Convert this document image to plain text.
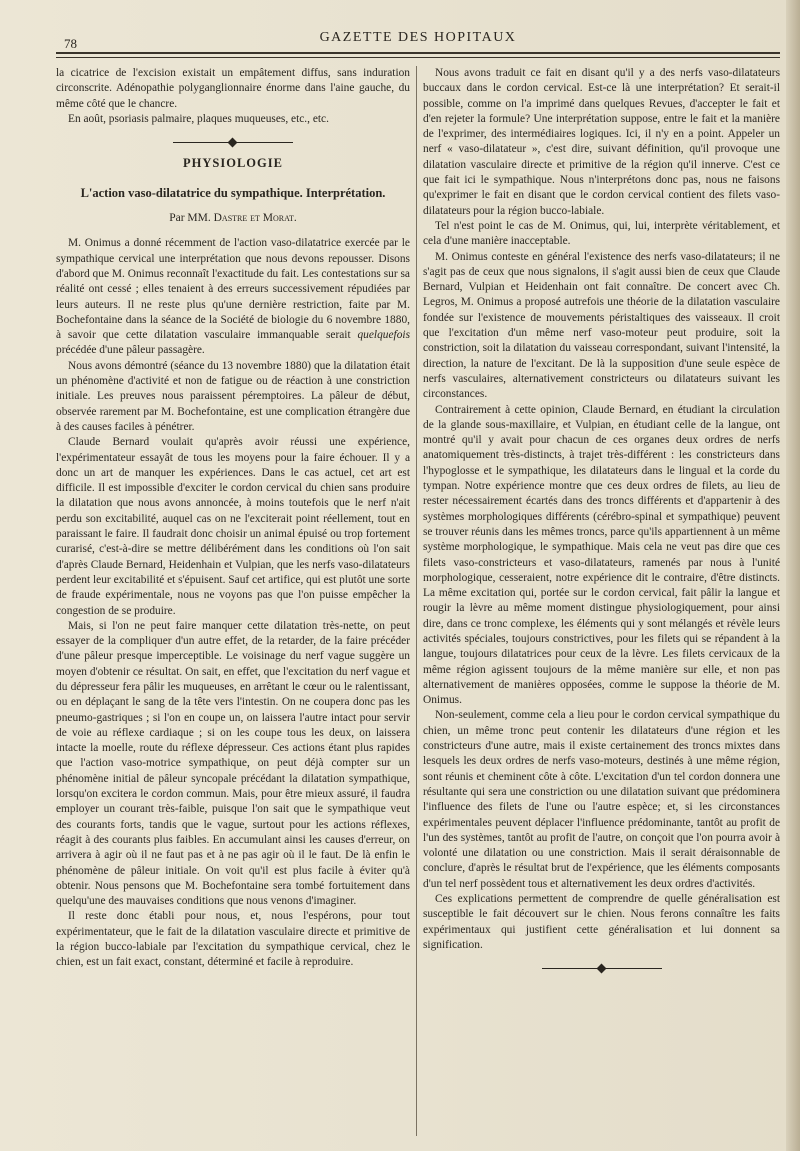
78	GAZETTE DES HOPITAUX

la cicatrice de l'excision existait un empâtement diffus, sans induration circonscrite. Adénopathie polyganglionnaire énorme dans l'aine gauche, du même côté que le chancre.

En août, psoriasis palmaire, plaques muqueuses, etc., etc.

PHYSIOLOGIE
L'action vaso-dilatatrice du sympathique. Interprétation.
Par MM. Dastre et Morat.

M. Onimus a donné récemment de l'action vaso-dilatatrice exercée par le sympathique cervical une interprétation que nous devons repousser. Disons d'abord que M. Onimus reconnaît l'exactitude du fait. Les contestations sur sa réalité ont cessé ; elles tenaient à des erreurs successivement répudiées par leurs auteurs. Il ne reste plus qu'une dernière restriction, faite par M. Bochefontaine dans la séance de la Société de biologie du 6 novembre 1880, à savoir que cette dilatation vasculaire immanquable serait quelquefois précédée d'une pâleur passagère.

Nous avons démontré (séance du 13 novembre 1880) que la dilatation était un phénomène d'activité et non de fatigue ou de réaction à une constriction initiale. Les preuves nous paraissent péremptoires. La pâleur de début, observée rarement par M. Bochefontaine, est une complication étrangère due à des causes faciles à pénétrer.

Claude Bernard voulait qu'après avoir réussi une expérience, l'expérimentateur essayât de tous les moyens pour la faire échouer. Il y a donc un art de manquer les expériences. Dans le cas actuel, cet art est difficile. Il est impossible d'exciter le cordon cervical du chien sans produire la dilatation que nous avons annoncée, à moins toutefois que le nerf n'ait perdu son excitabilité, auquel cas on ne l'exciterait point réellement, tout en paraissant le faire. Il faudrait donc choisir un animal épuisé ou trop fortement curarisé, c'est-à-dire se mettre délibérément dans les conditions où l'on sait d'après Claude Bernard, Heidenhain et Vulpian, que les nerfs vaso-dilatateurs perdent leur excitabilité et s'épuisent. Sauf cet artifice, qui est plutôt une sorte de fraude expérimentale, nous ne voyons pas que l'on puisse empêcher la congestion de se produire.

Mais, si l'on ne peut faire manquer cette dilatation très-nette, on peut essayer de la compliquer d'un autre effet, de la retarder, de la faire précéder d'une pâleur presque imperceptible. Le voisinage du nerf vague suggère un moyen d'obtenir ce résultat. On sait, en effet, que l'excitation du nerf vague et du dépresseur fera pâlir les muqueuses, en arrêtant le cœur ou le ralentissant, ou en déplaçant le sang de la tête vers l'intestin. On ne coupera donc pas les pneumo-gastriques ; si l'on en coupe un, on laissera l'autre intact pour servir de voie au réflexe cardiaque ; si on les coupe tous les deux, on laissera intacte la moelle, route du réflexe dépresseur. Ces actions étant plus rapides que l'action vaso-motrice sympathique, on peut déjà compter sur un phénomène initial de pâleur syncopale précédant la dilatation sympathique, lorsqu'on excitera le cordon commun. Mais, pour être mieux assuré, il faudra employer un courant très-faible, puisque l'on sait que le sympathique veut des courants forts, tandis que le vague, surtout pour les actions réflexes, réagit à des courants plus faibles. En accumulant ainsi les causes d'erreur, on arrivera à agir où il ne faut pas et à ne pas agir où il le faut. De là enfin le phénomène de pâleur initiale. On voit qu'il est plus facile à éviter qu'à obtenir. Nous pensons que M. Bochefontaine sera tombé fortuitement dans quelqu'une des mauvaises conditions que nous venons d'imaginer.

Il reste donc établi pour nous, et, nous l'espérons, pour tout expérimentateur, que le fait de la dilatation vasculaire directe et primitive de la région bucco-labiale par l'excitation du sympathique cervical, chez le chien, est un fait exact, constant, déterminé et facile à reproduire.

Nous avons traduit ce fait en disant qu'il y a des nerfs vaso-dilatateurs buccaux dans le cordon cervical. Est-ce là une interprétation? Et serait-il possible, comme on l'a imprimé dans quelques Revues, d'accepter le fait et d'en rejeter la formule? Une interprétation suppose, entre le fait et la manière de l'exprimer, des intermédiaires logiques. Ici, il n'y en a point. Appeler un nerf « vaso-dilatateur », c'est dire, suivant définition, qu'il provoque une dilatation vasculaire directe et primitive de la région qu'il innerve. C'est ce que fait ici le sympathique. Nous n'interprétons donc pas, nous ne faisons qu'exprimer le fait en disant que le cordon cervical contient des filets vaso-dilatateurs pour la région bucco-labiale.

Tel n'est point le cas de M. Onimus, qui, lui, interprète véritablement, et cela d'une manière inacceptable.

M. Onimus conteste en général l'existence des nerfs vaso-dilatateurs; il ne s'agit pas de ceux que nous signalons, il s'agit aussi bien de ceux que Claude Bernard, Vulpian et Heidenhain ont fait connaître. De concert avec Ch. Legros, M. Onimus a proposé autrefois une théorie de la dilatation vasculaire fondée sur l'existence de mouvements péristaltiques des vaisseaux. Il croit que l'excitation d'un même nerf vaso-moteur peut produire, soit la constriction, soit la dilatation du vaisseau correspondant, suivant l'intensité, la direction, la nature de l'excitant. De là la supposition d'une seule espèce de nerfs vasculaires, alternativement constricteurs ou dilatateurs suivant les circonstances.

Contrairement à cette opinion, Claude Bernard, en étudiant la circulation de la glande sous-maxillaire, et Vulpian, en étudiant celle de la langue, ont montré qu'il y avait pour chacun de ces organes deux ordres de nerfs anatomiquement très-distincts, à trajet très-différent : les constricteurs dans l'hypoglosse et le sympathique, les dilatateurs dans le lingual et la corde du tympan. Notre expérience montre que ces deux ordres de filets, au lieu de rester nécessairement écartés dans des troncs différents et d'appartenir à des systèmes morphologiques différents (cérébro-spinal et sympathique) peuvent se trouver réunis dans les mêmes troncs, parce qu'ils appartiennent à un même système morphologique, le sympathique. Mais cela ne veut pas dire que ces filets vaso-constricteurs et vaso-dilatateurs, ramenés par nous à l'unité morphologique, cesseraient, notre expérience dit le contraire, d'être distincts. La même excitation qui, portée sur le cordon cervical, fait pâlir la langue et rougir la lèvre au même moment distingue physiologiquement, pour ainsi dire, dans ce tronc complexe, les éléments qui y sont mélangés et révèle leurs activités spéciales, toujours constrictives, pour les filets qui se répandent à la langue, toujours dilatatrices pour ceux de la lèvre. Les filets cervicaux de la même région agissent toujours de la même manière sur elle, et non pas alternativement de manières opposées, comme le suppose la théorie de M. Onimus.

Non-seulement, comme cela a lieu pour le cordon cervical sympathique du chien, un même tronc peut contenir les dilatateurs d'une région et les constricteurs d'une autre, mais il existe certainement des troncs mixtes dans lesquels les deux ordres de nerfs vaso-moteurs, destinés à une même région, sont réunis et cheminent côte à côte. L'excitation d'un tel cordon donnera une résultante qui sera une constriction ou une dilatation suivant que prédominera l'influence des filets de l'une ou l'autre espèce; et, si les circonstances expérimentales peuvent déplacer l'influence prédominante, tantôt au profit de l'un des systèmes, tantôt au profit de l'autre, on conçoit que l'on pourra avoir à volonté une dilatation ou une constriction. Mais il serait déraisonnable de conclure, d'après le résultat brut de l'expérience, que les éléments composants d'un tel nerf possèdent tous et alternativement les deux ordres d'activités.

Ces explications permettent de comprendre de quelle généralisation est susceptible le fait découvert sur le chien. Nous ferons connaître les faits expérimentaux qui justifient cette généralisation et lui donnent sa signification.
